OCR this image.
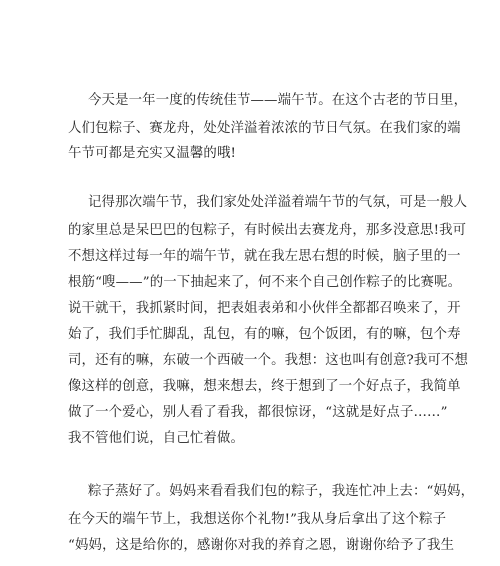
今天是一年一度的传统佳节——端午节。在这个古老的节日里，
人们包粽子、赛龙舟，处处洋溢着浓浓的节日气氛。在我们家的端
午节可都是充实又温馨的哦!
记得那次端午节，我们家处处洋溢着端午节的气氛，可是一般人
的家里总是呆巴巴的包粽子，有时候出去赛龙舟，那多没意思!我可
不想这样过每一年的端午节，就在我左思右想的时候，脑子里的一
根筋“嗖——”的一下抽起来了，何不来个自己创作粽子的比赛呢。
说干就干，我抓紧时间，把表姐表弟和小伙伴全都都召唤来了，开
始了，我们手忙脚乱，乱包，有的嘛，包个饭团，有的嘛，包个寿
司，还有的嘛，东破一个西破一个。我想：这也叫有创意?我可不想
像这样的创意，我嘛，想来想去，终于想到了一个好点子，我简单
做了一个爱心，别人看了看我，都很惊讶，“这就是好点子……”
我不管他们说，自己忙着做。
粽子蒸好了。妈妈来看看我们包的粽子，我连忙冲上去：“妈妈，
在今天的端午节上，我想送你个礼物!”我从身后拿出了这个粽子
“妈妈，这是给你的，感谢你对我的养育之恩，谢谢你给予了我生
